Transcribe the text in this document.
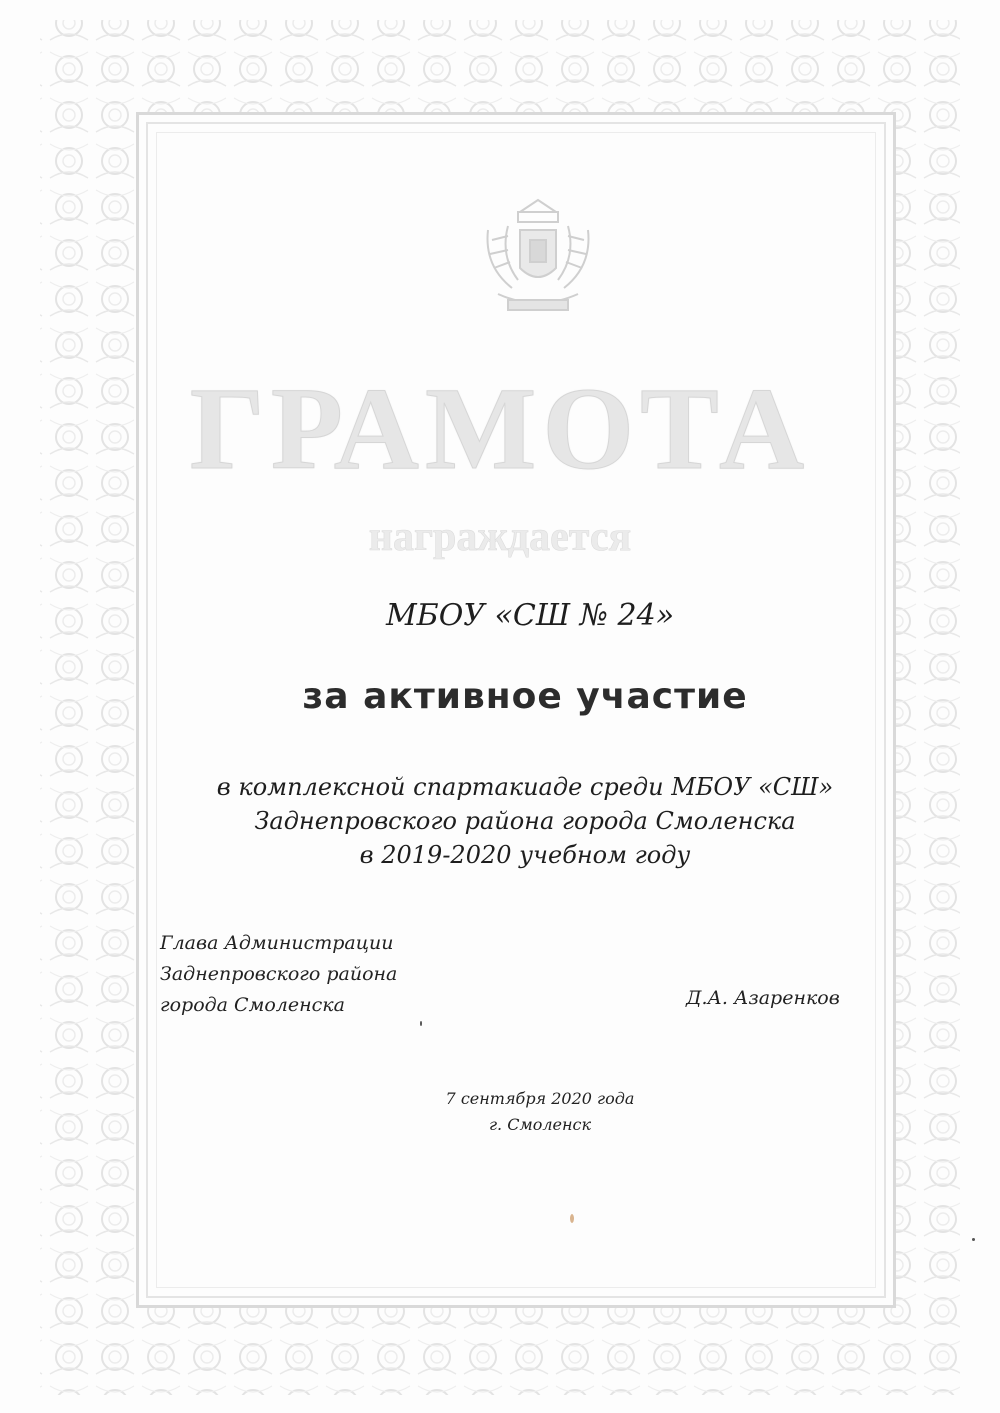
ГРАМОТА
награждается
МБОУ «СШ № 24»
за активное участие
в комплексной спартакиаде среди МБОУ «СШ»
Заднепровского района города Смоленска
в 2019-2020 учебном году
Глава Администрации
Заднепровского района
города Смоленска	Д.А. Азаренков
7 сентября 2020 года
г. Смоленск
